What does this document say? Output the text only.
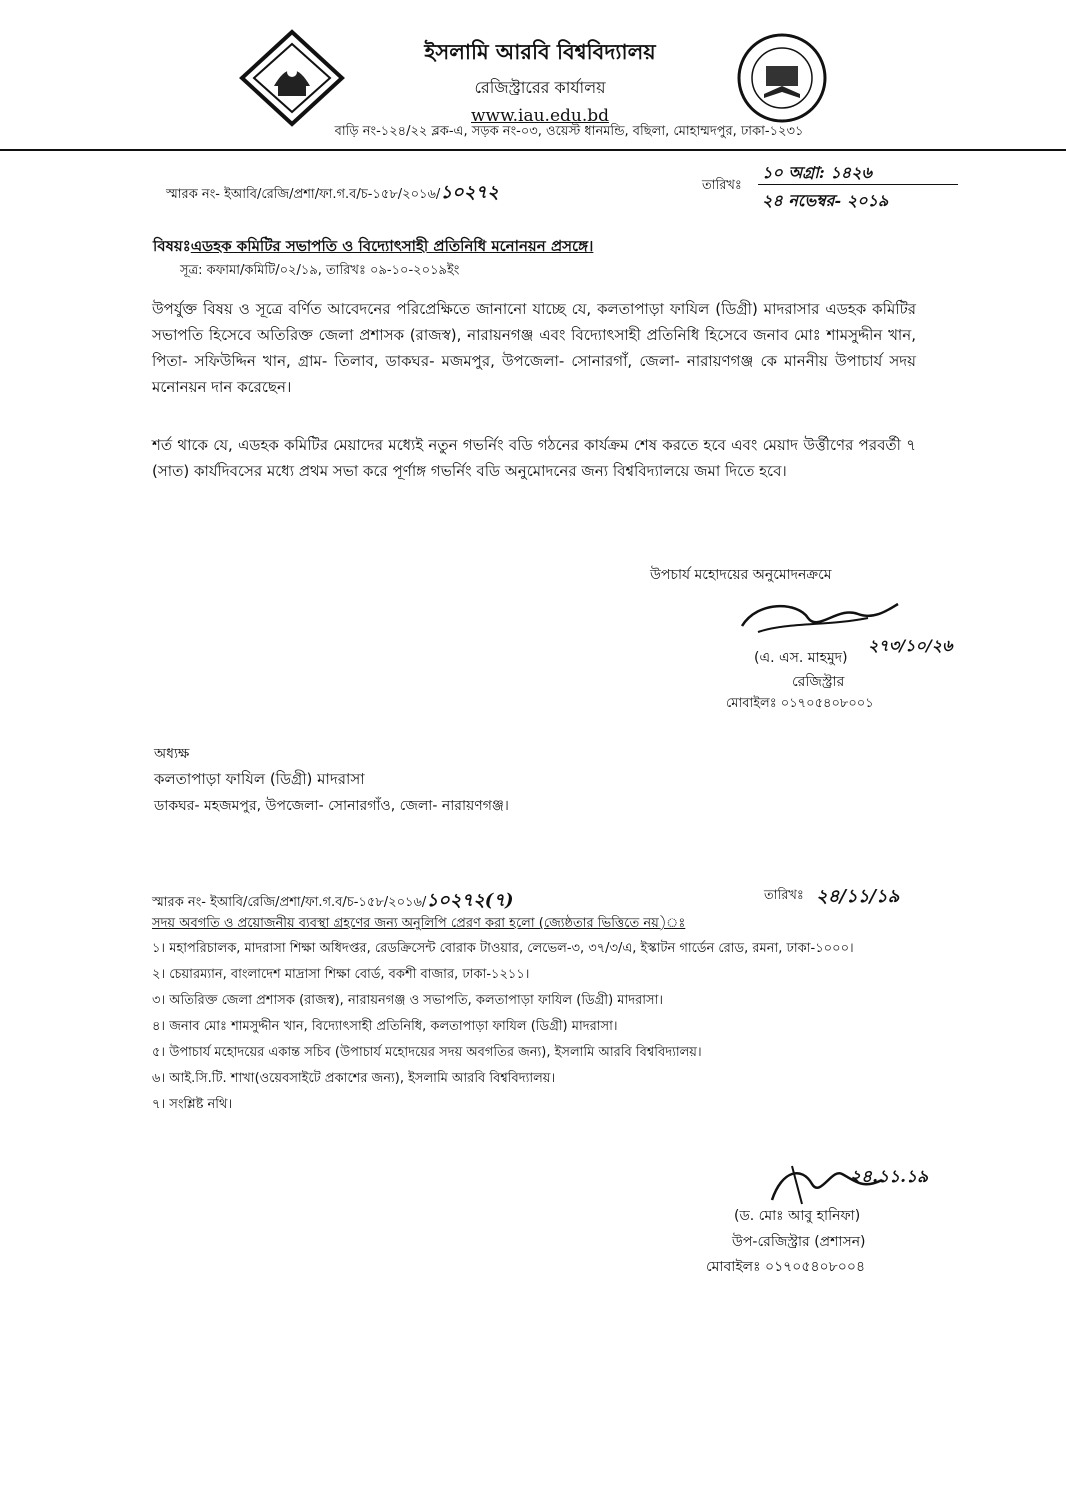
ইসলামি আরবি বিশ্ববিদ্যালয়
রেজিস্ট্রারের কার্যালয়
www.iau.edu.bd
বাড়ি নং-১২৪/২২ ব্লক-এ, সড়ক নং-০৩, ওয়েস্ট ধানমন্ডি, বছিলা, মোহাম্মদপুর, ঢাকা-১২৩১
স্মারক নং- ইআবি/রেজি/প্রশা/ফা.গ.ব/চ-১৫৮/২০১৬/১০২৭২	তারিখঃ
১০ অগ্রা: ১৪২৬
২৪ নভেম্বর- ২০১৯
বিষয়ঃএডহক কমিটির সভাপতি ও বিদ্যোৎসাহী প্রতিনিধি মনোনয়ন প্রসঙ্গে।
সূত্র: কফামা/কমিটি/০২/১৯, তারিখঃ ০৯-১০-২০১৯ইং

উপর্যুক্ত বিষয় ও সূত্রে বর্ণিত আবেদনের পরিপ্রেক্ষিতে জানানো যাচ্ছে যে, কলতাপাড়া ফাযিল (ডিগ্রী) মাদরাসার এডহক কমিটির সভাপতি হিসেবে অতিরিক্ত জেলা প্রশাসক (রাজস্ব), নারায়নগঞ্জ এবং বিদ্যোৎসাহী প্রতিনিধি হিসেবে জনাব মোঃ শামসুদ্দীন খান, পিতা- সফিউদ্দিন খান, গ্রাম- তিলাব, ডাকঘর- মজমপুর, উপজেলা- সোনারগাঁ, জেলা- নারায়ণগঞ্জ কে মাননীয় উপাচার্য সদয় মনোনয়ন দান করেছেন।

শর্ত থাকে যে, এডহক কমিটির মেয়াদের মধ্যেই নতুন গভর্নিং বডি গঠনের কার্যক্রম শেষ করতে হবে এবং মেয়াদ উর্ত্তীণের পরবর্তী ৭ (সাত) কার্যদিবসের মধ্যে প্রথম সভা করে পূর্ণাঙ্গ গভর্নিং বডি অনুমোদনের জন্য বিশ্ববিদ্যালয়ে জমা দিতে হবে।

উপচার্য মহোদয়ের অনুমোদনক্রমে
২৭৩/১০/২৬
(এ. এস. মাহমুদ)
রেজিস্ট্রার
মোবাইলঃ ০১৭০৫৪০৮০০১
অধ্যক্ষ
কলতাপাড়া ফাযিল (ডিগ্রী) মাদরাসা
ডাকঘর- মহজমপুর, উপজেলা- সোনারগাঁও, জেলা- নারায়ণগঞ্জ।
স্মারক নং- ইআবি/রেজি/প্রশা/ফা.গ.ব/চ-১৫৮/২০১৬/১০২৭২(৭)	তারিখঃ ২৪/১১/১৯
সদয় অবগতি ও প্রয়োজনীয় ব্যবস্থা গ্রহণের জন্য অনুলিপি প্রেরণ করা হলো (জ্যেষ্ঠতার ভিত্তিতে নয়)ঃ

১। মহাপরিচালক, মাদরাসা শিক্ষা অধিদপ্তর, রেডক্রিসেন্ট বোরাক টাওয়ার, লেভেল-৩, ৩৭/৩/এ, ইস্কাটন গার্ডেন রোড, রমনা, ঢাকা-১০০০।

২। চেয়ারম্যান, বাংলাদেশ মাদ্রাসা শিক্ষা বোর্ড, বকশী বাজার, ঢাকা-১২১১।

৩। অতিরিক্ত জেলা প্রশাসক (রাজস্ব), নারায়নগঞ্জ ও সভাপতি, কলতাপাড়া ফাযিল (ডিগ্রী) মাদরাসা।

৪। জনাব মোঃ শামসুদ্দীন খান, বিদ্যোৎসাহী প্রতিনিধি, কলতাপাড়া ফাযিল (ডিগ্রী) মাদরাসা।

৫। উপাচার্য মহোদয়ের একান্ত সচিব (উপাচার্য মহোদয়ের সদয় অবগতির জন্য), ইসলামি আরবি বিশ্ববিদ্যালয়।

৬। আই.সি.টি. শাখা(ওয়েবসাইটে প্রকাশের জন্য), ইসলামি আরবি বিশ্ববিদ্যালয়।

৭। সংশ্লিষ্ট নথি।

২৪.১১.১৯
(ড. মোঃ আবু হানিফা)
উপ-রেজিস্ট্রার (প্রশাসন)
মোবাইলঃ ০১৭০৫৪০৮০০৪
